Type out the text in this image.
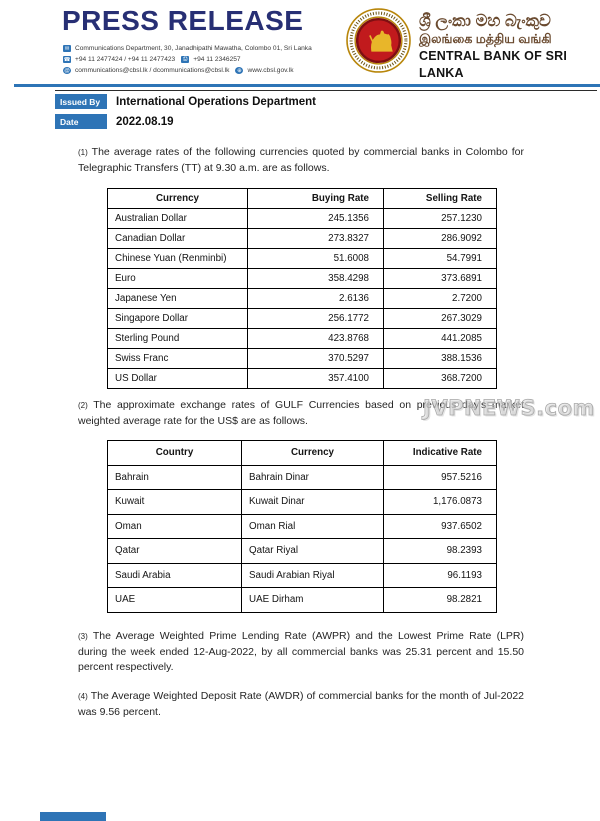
PRESS RELEASE
✉ Communications Department, 30, Janadhipathi Mawatha, Colombo 01, Sri Lanka
☎ +94 11 2477424 / +94 11 2477423	⎙ +94 11 2346257
@ communications@cbsl.lk / dcommunications@cbsl.lk	⊕ www.cbsl.gov.lk
ශ්‍රී ලංකා මහ බැංකුව
இலங்கை மத்திய வங்கி
CENTRAL BANK OF SRI LANKA
Issued By	International Operations Department
Date	2022.08.19
(1) The average rates of the following currencies quoted by commercial banks in Colombo for Telegraphic Transfers (TT) at 9.30 a.m. are as follows.
Currency	Buying Rate	Selling Rate
Australian Dollar	245.1356	257.1230
Canadian Dollar	273.8327	286.9092
Chinese Yuan (Renminbi)	51.6008	54.7991
Euro	358.4298	373.6891
Japanese Yen	2.6136	2.7200
Singapore Dollar	256.1772	267.3029
Sterling Pound	423.8768	441.2085
Swiss Franc	370.5297	388.1536
US Dollar	357.4100	368.7200
(2) The approximate exchange rates of GULF Currencies based on previous day's market weighted average rate for the US$ are as follows.
JVPNEWS.com
Country	Currency	Indicative Rate
Bahrain	Bahrain Dinar	957.5216
Kuwait	Kuwait Dinar	1,176.0873
Oman	Oman Rial	937.6502
Qatar	Qatar Riyal	98.2393
Saudi Arabia	Saudi Arabian Riyal	96.1193
UAE	UAE Dirham	98.2821
(3) The Average Weighted Prime Lending Rate (AWPR) and the Lowest Prime Rate (LPR) during the week ended 12-Aug-2022, by all commercial banks was 25.31 percent and 15.50 percent respectively.
(4) The Average Weighted Deposit Rate (AWDR) of commercial banks for the month of Jul-2022 was 9.56 percent.
